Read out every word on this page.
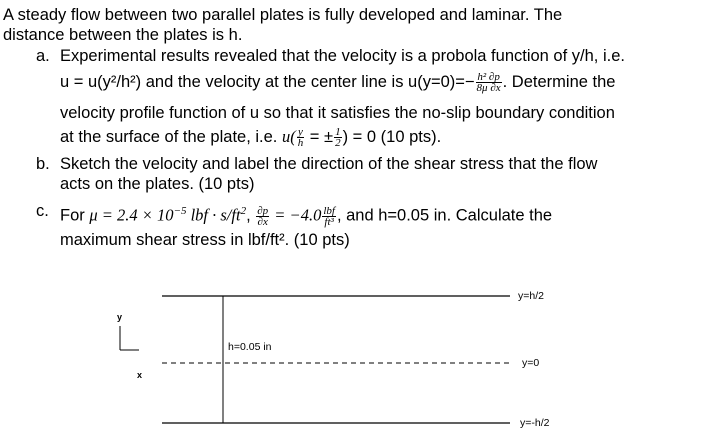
A steady flow between two parallel plates is fully developed and laminar. The
distance between the plates is h.
a. Experimental results revealed that the velocity is a probola function of y/h, i.e.
u = u(y²/h²) and the velocity at the center line is $u(y=0)=- \frac{\text{h² ∂p}}{8\mu \partial x}$ . Determine the
velocity profile function of u so that it satisfies the no-slip boundary condition
at the surface of the plate, i.e. $u( \frac{y}{h}$ = ± $\frac{1}{2}$ ) = 0 (10 pts).
b. Sketch the velocity and label the direction of the shear stress that the flow
acts on the plates. (10 pts)
c. For $\mu = 2.4 \times 10^{-5}$ lbf · $s/ft^2$, $\frac{\partial p}{\partial x} = -4.0 \frac{\text{lbf}}{\text{ft³}}$ , and h=0.05 in. Calculate the
maximum shear stress in lbf/ft². (10 pts)
y=h/2
y=0
y=-h/2
h=0.05 in
y
x
